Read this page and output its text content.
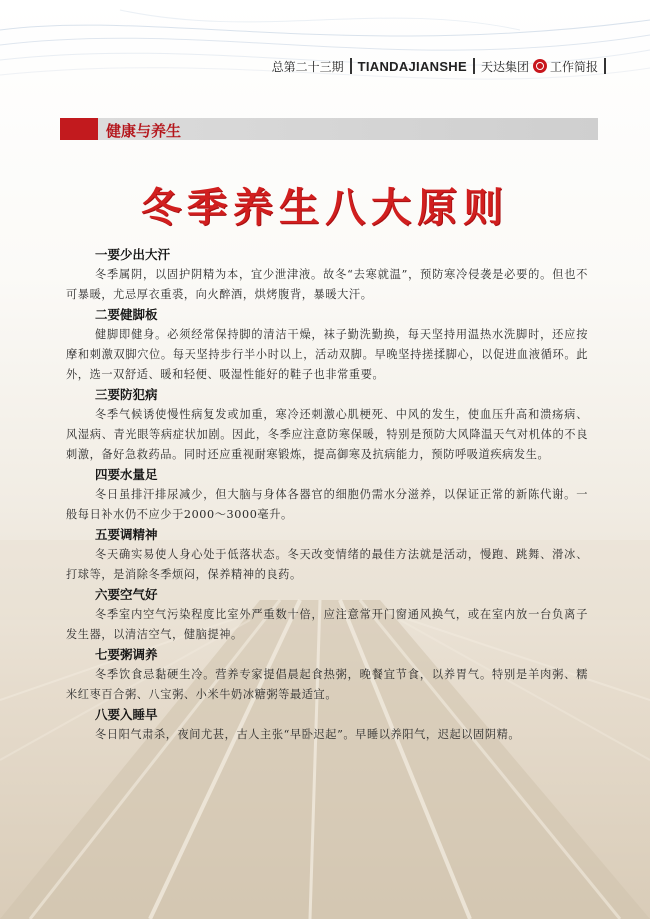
总第二十三期 TIANDAJIANSHE 天达集团 工作简报
健康与养生
冬季养生八大原则
一要少出大汗
冬季属阴，以固护阴精为本，宜少泄津液。故冬“去寒就温”，预防寒冷侵袭是必要的。但也不可暴暖，尤忌厚衣重裘，向火醉酒，烘烤腹背，暴暖大汗。
二要健脚板
健脚即健身。必须经常保持脚的清洁干燥，袜子勤洗勤换，每天坚持用温热水洗脚时，还应按摩和刺激双脚穴位。每天坚持步行半小时以上，活动双脚。早晚坚持搓揉脚心，以促进血液循环。此外，选一双舒适、暖和轻便、吸湿性能好的鞋子也非常重要。
三要防犯病
冬季气候诱使慢性病复发或加重，寒冷还刺激心肌梗死、中风的发生，使血压升高和溃疡病、风湿病、青光眼等病症状加剧。因此，冬季应注意防寒保暖，特别是预防大风降温天气对机体的不良刺激，备好急救药品。同时还应重视耐寒锻炼，提高御寒及抗病能力，预防呼吸道疾病发生。
四要水量足
冬日虽排汗排尿减少，但大脑与身体各器官的细胞仍需水分滋养，以保证正常的新陈代谢。一般每日补水仍不应少于2000～3000毫升。
五要调精神
冬天确实易使人身心处于低落状态。冬天改变情绪的最佳方法就是活动，慢跑、跳舞、滑冰、打球等，是消除冬季烦闷，保养精神的良药。
六要空气好
冬季室内空气污染程度比室外严重数十倍，应注意常开门窗通风换气，或在室内放一台负离子发生器，以清洁空气，健脑提神。
七要粥调养
冬季饮食忌黏硬生冷。营养专家提倡晨起食热粥，晚餐宜节食，以养胃气。特别是羊肉粥、糯米红枣百合粥、八宝粥、小米牛奶冰糖粥等最适宜。
八要入睡早
冬日阳气肃杀，夜间尤甚，古人主张“早卧迟起”。早睡以养阳气，迟起以固阴精。
